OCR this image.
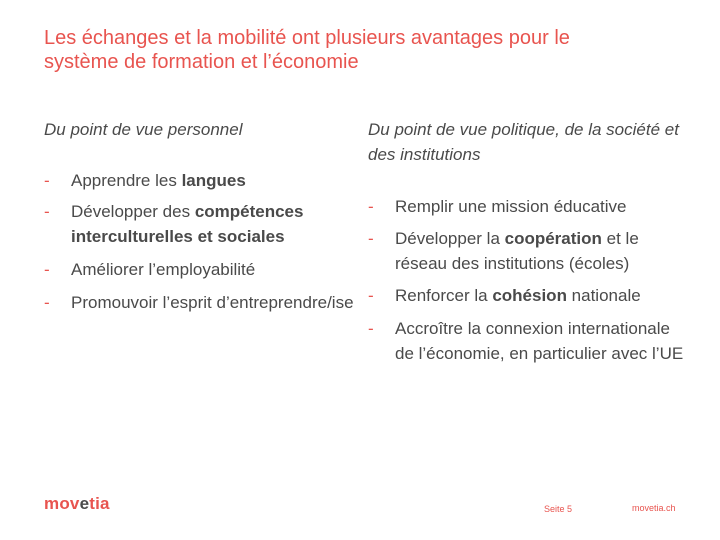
Les échanges et la mobilité ont plusieurs avantages pour le
système de formation et l’économie
Du point de vue personnel	Du point de vue politique, de la société et des institutions
- Apprendre les langues
- Développer des compétences interculturelles et sociales
- Améliorer l’employabilité
- Promouvoir l’esprit d’entreprendre/ise
- Remplir une mission éducative
- Développer la coopération et le réseau des institutions (écoles)
- Renforcer la cohésion nationale
- Accroître la connexion internationale de l’économie, en particulier avec l’UE
movetia	Seite 5	movetia.ch
